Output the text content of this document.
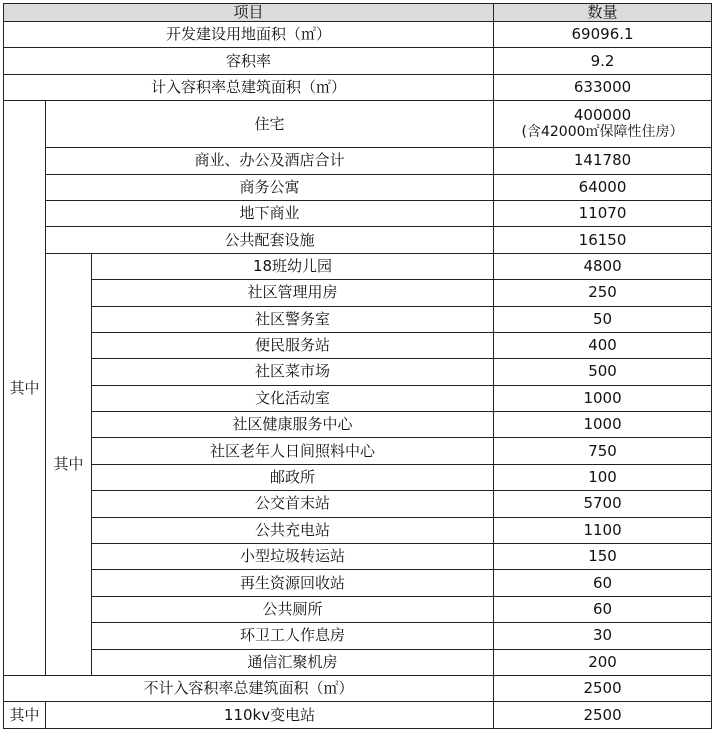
项目			数量
开发建设用地面积（㎡）			69096.1
容积率			9.2
计入容积率总建筑面积（㎡）			633000
其中	住宅		400000
(含42000㎡保障性住房）

	商业、办公及酒店合计		141780
	商务公寓		64000
	地下商业		11070
	公共配套设施		16150
	其中	18班幼儿园	4800
		社区管理用房	250
		社区警务室	50
		便民服务站	400
		社区菜市场	500
		文化活动室	1000
		社区健康服务中心	1000
		社区老年人日间照料中心	750
		邮政所	100
		公交首末站	5700
		公共充电站	1100
		小型垃圾转运站	150
		再生资源回收站	60
		公共厕所	60
		环卫工人作息房	30
		通信汇聚机房	200
不计入容积率总建筑面积（㎡）			2500
其中	110kv变电站		2500
